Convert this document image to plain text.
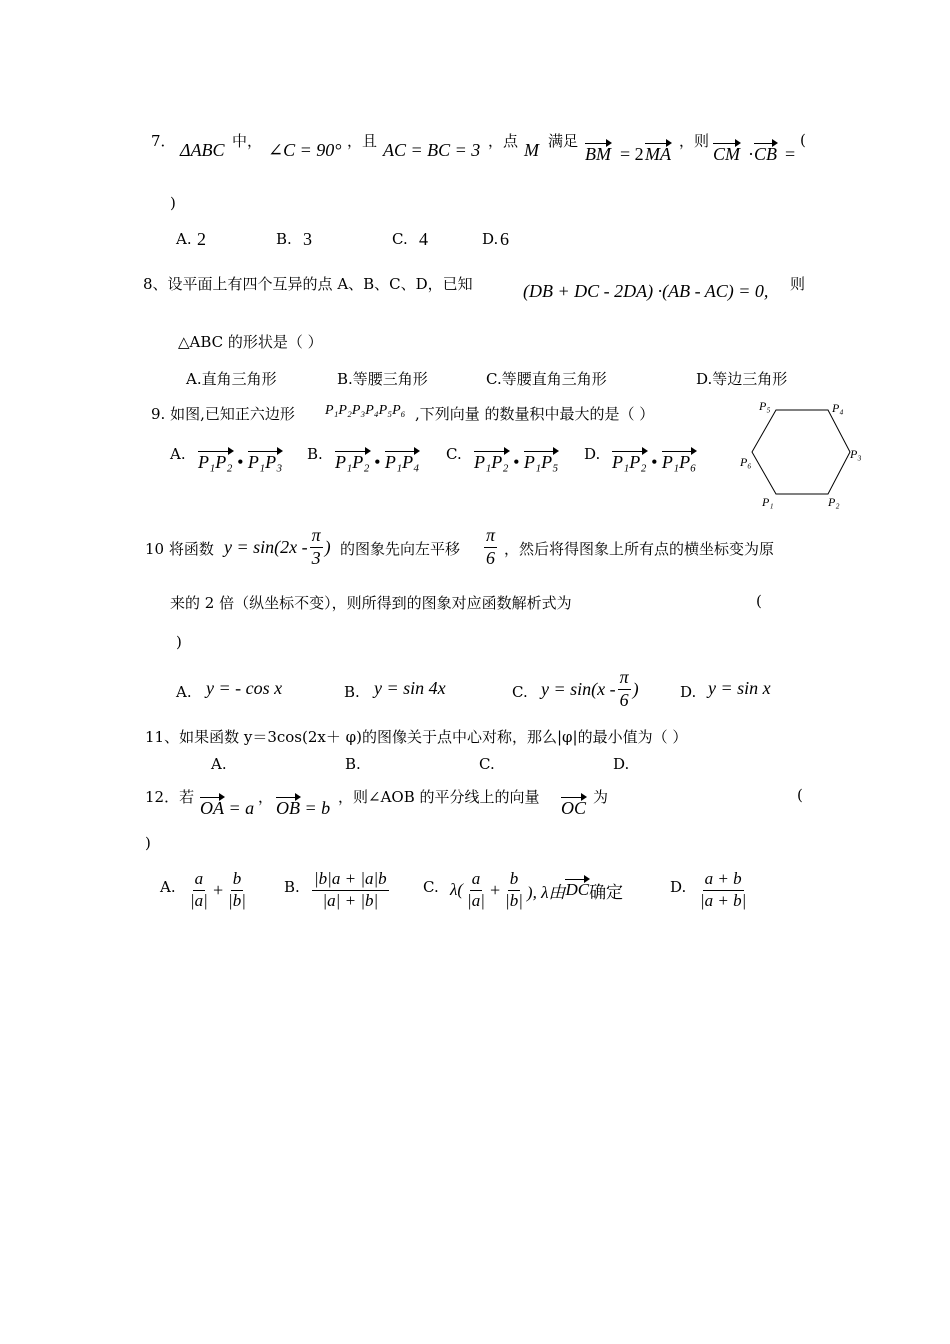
7． ΔABC 中， ∠C = 90° ，且 AC = BC = 3 ，点 M 满足
BM = 2 MA
，则
CM · CB =
(
)
A. 2	B. 3	C. 4	D. 6
8、设平面上有四个互异的点 A、B、C、D，已知	(DB + DC - 2DA) ·(AB - AC) = 0, 则
△ABC 的形状是（ ）
A.直角三角形	B.等腰三角形	C.等腰直角三角形	D.等边三角形
9. 如图,已知正六边形 P₁P₂P₃P₄P₅P₆ ,下列向量 的数量积中最大的是（ ）
A. P₁P₂ • P₁P₃ B. P₁P₂ • P₁P₄ C. P₁P₂ • P₁P₅ D. P₁P₂ • P₁P₆
P₁	P₂
P₃
P₄
P₅
P₆
10 将函数 $y = \sin(2x - \frac{\pi}{3}$ ) 的图象先向左平移 $\frac{\pi}{6}$ ，然后将得图象上所有点的横坐标变为原
来的 2 倍（纵坐标不变），则所得到的图象对应函数解析式为	(
)
A. y = - cos x	B. y = sin 4x	C. $y = \sin(x - \frac{\pi}{6}$ )	D. y = sin x
11、如果函数 y＝3cos(2x＋ φ)的图像关于点中心对称，那么|φ|的最小值为（ ）
A.	B.	C.	D.
12．若
OA = a
，
OB = b
，则∠AOB 的平分线上的向量
OC
为	(
)
A. $\frac{a}{|a|} + \frac{b}{|b|} B$. $\frac{|b|a + |a|b}{|a| + |b|} C$. $\lambda( \frac{a}{|a|} + \frac{b}{|b|}$ ), λ由 DC 确定	D. $\frac{a + b}{|a + b|}$
